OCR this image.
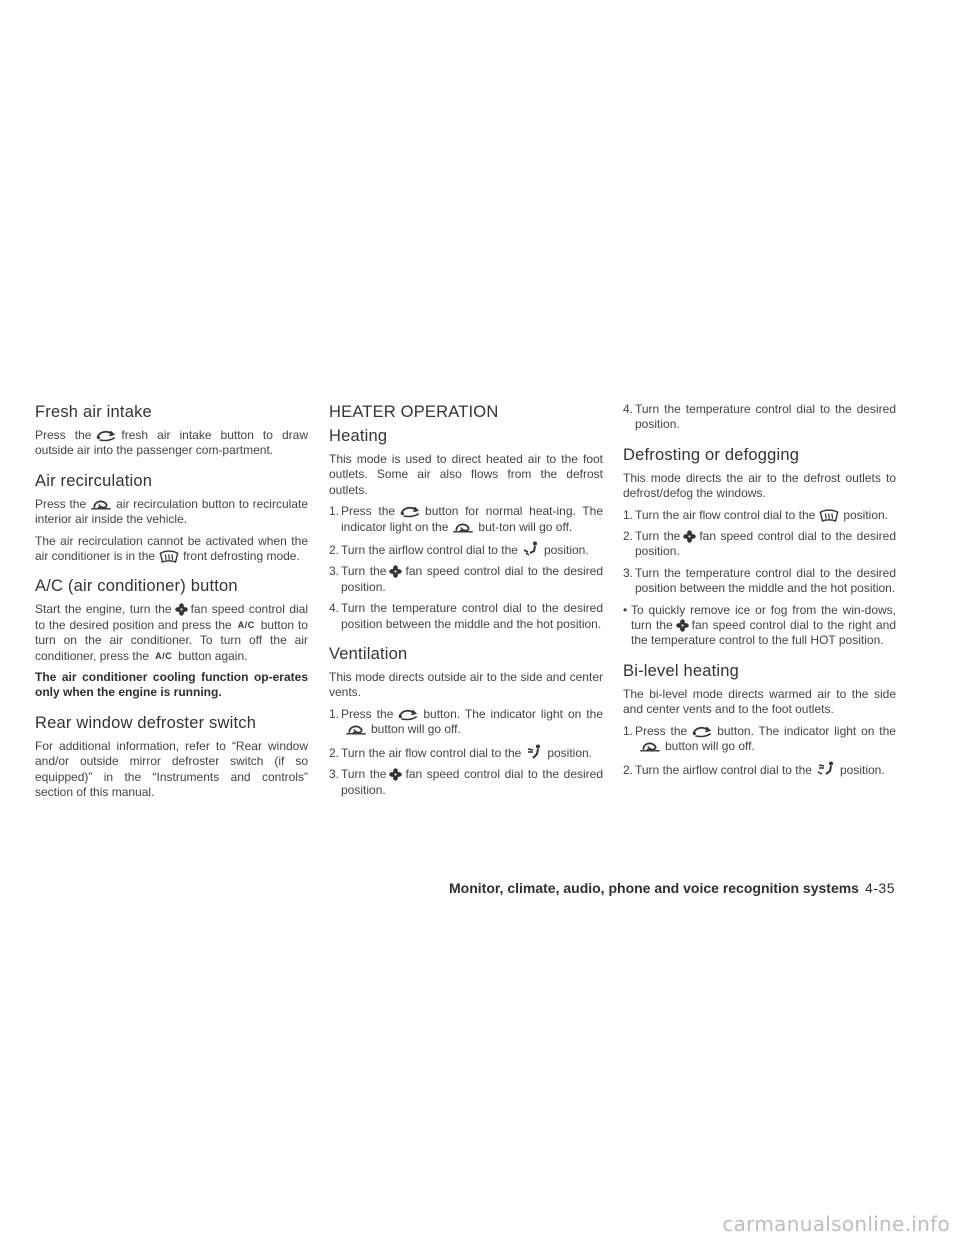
Fresh air intake

Press the	fresh air intake button to draw outside air into the passenger com-partment.

Air recirculation

Press the	air recirculation button to recirculate interior air inside the vehicle.

The air recirculation cannot be activated when the air conditioner is in the front defrosting mode.

A/C (air conditioner) button

Start the engine, turn the fan speed control dial to the desired position and press the A/C button to turn on the air conditioner. To turn off the air conditioner, press the A/C button again.

The air conditioner cooling function op-erates only when the engine is running.

Rear window defroster switch

For additional information, refer to “Rear window and/or outside mirror defroster switch (if so equipped)” in the “Instruments and controls” section of this manual.

HEATER OPERATION
Heating

This mode is used to direct heated air to the foot outlets. Some air also flows from the defrost outlets.

1. Press the	button for normal heat-ing. The indicator light on the	but-ton will go off.
2. Turn the airflow control dial to the position.
3. Turn the fan speed control dial to the desired position.
4. Turn the temperature control dial to the desired position between the middle and the hot position.
Ventilation

This mode directs outside air to the side and center vents.

1. Press the	button. The indicator light on the
button will go off.
2. Turn the air flow control dial to the position.
3. Turn the fan speed control dial to the desired position.
4. Turn the temperature control dial to the desired position.
Defrosting or defogging

This mode directs the air to the defrost outlets to defrost/defog the windows.

1. Turn the air flow control dial to the position.
2. Turn the fan speed control dial to the desired position.
3. Turn the temperature control dial to the desired position between the middle and the hot position.
• To quickly remove ice or fog from the win-dows, turn the fan speed control dial to the right and the temperature control to the full HOT position.
Bi-level heating

The bi-level mode directs warmed air to the side and center vents and to the foot outlets.

1. Press the	button. The indicator light on the
button will go off.
2. Turn the airflow control dial to the position.
Monitor, climate, audio, phone and voice recognition systems 4-35
carmanualsonline.info
